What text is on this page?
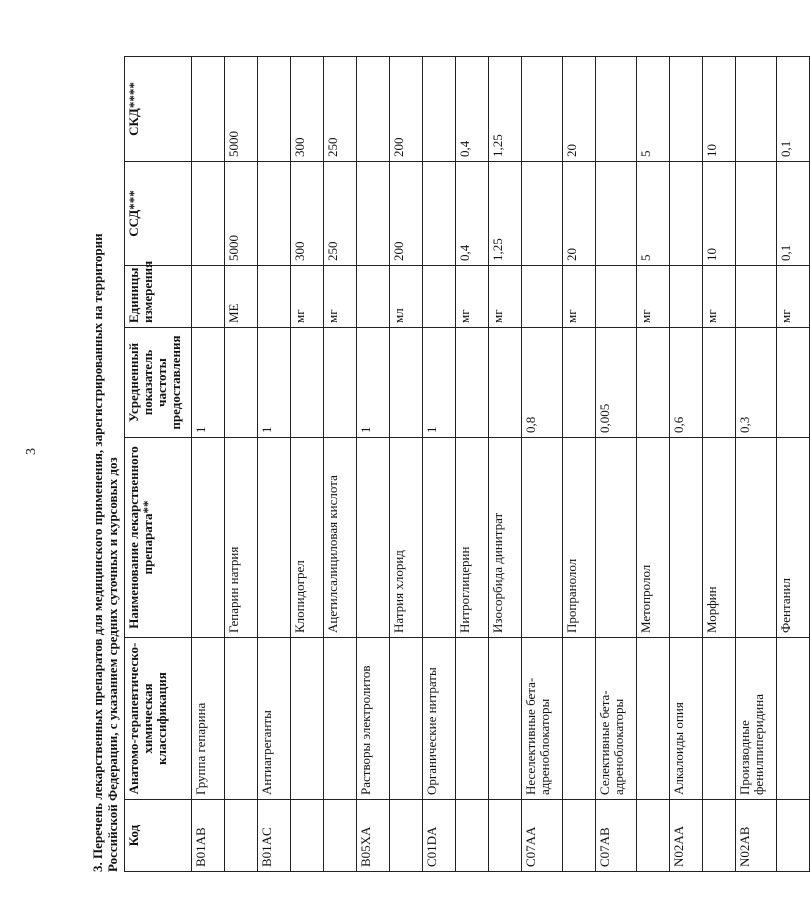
3	3. Перечень лекарственных препаратов для медицинского применения, зарегистрированных на территории Российской Федерации, с указанием средних суточных и курсовых доз Код	Анатомо-терапевтическо-химическая классификация	Наименование лекарственного препарата**	Усредненный показатель частоты предоставления	Единицы измерения	ССД***	СКД****
B01AB	Группа гепарина		1			
		Гепарин натрия		МЕ	5000	5000
B01AC	Антиагреганты		1			
		Клопидогрел		мг	300	300
		Ацетилсалициловая кислота		мг	250	250
B05XA	Растворы электролитов		1			
		Натрия хлорид		мл	200	200
C01DA	Органические нитраты		1			
		Нитроглицерин		мг	0,4	0,4
		Изосорбида динитрат		мг	1,25	1,25
C07AA	Неселективные бета-адреноблокаторы		0,8			
		Пропранолол		мг	20	20
C07AB	Селективные бета-адреноблокаторы		0,005			
		Метопролол		мг	5	5
N02AA	Алкалоиды опия		0,6			
		Морфин		мг	10	10
N02AB	Производные фенилпиперидина		0,3			
		Фентанил		мг	0,1	0,1
